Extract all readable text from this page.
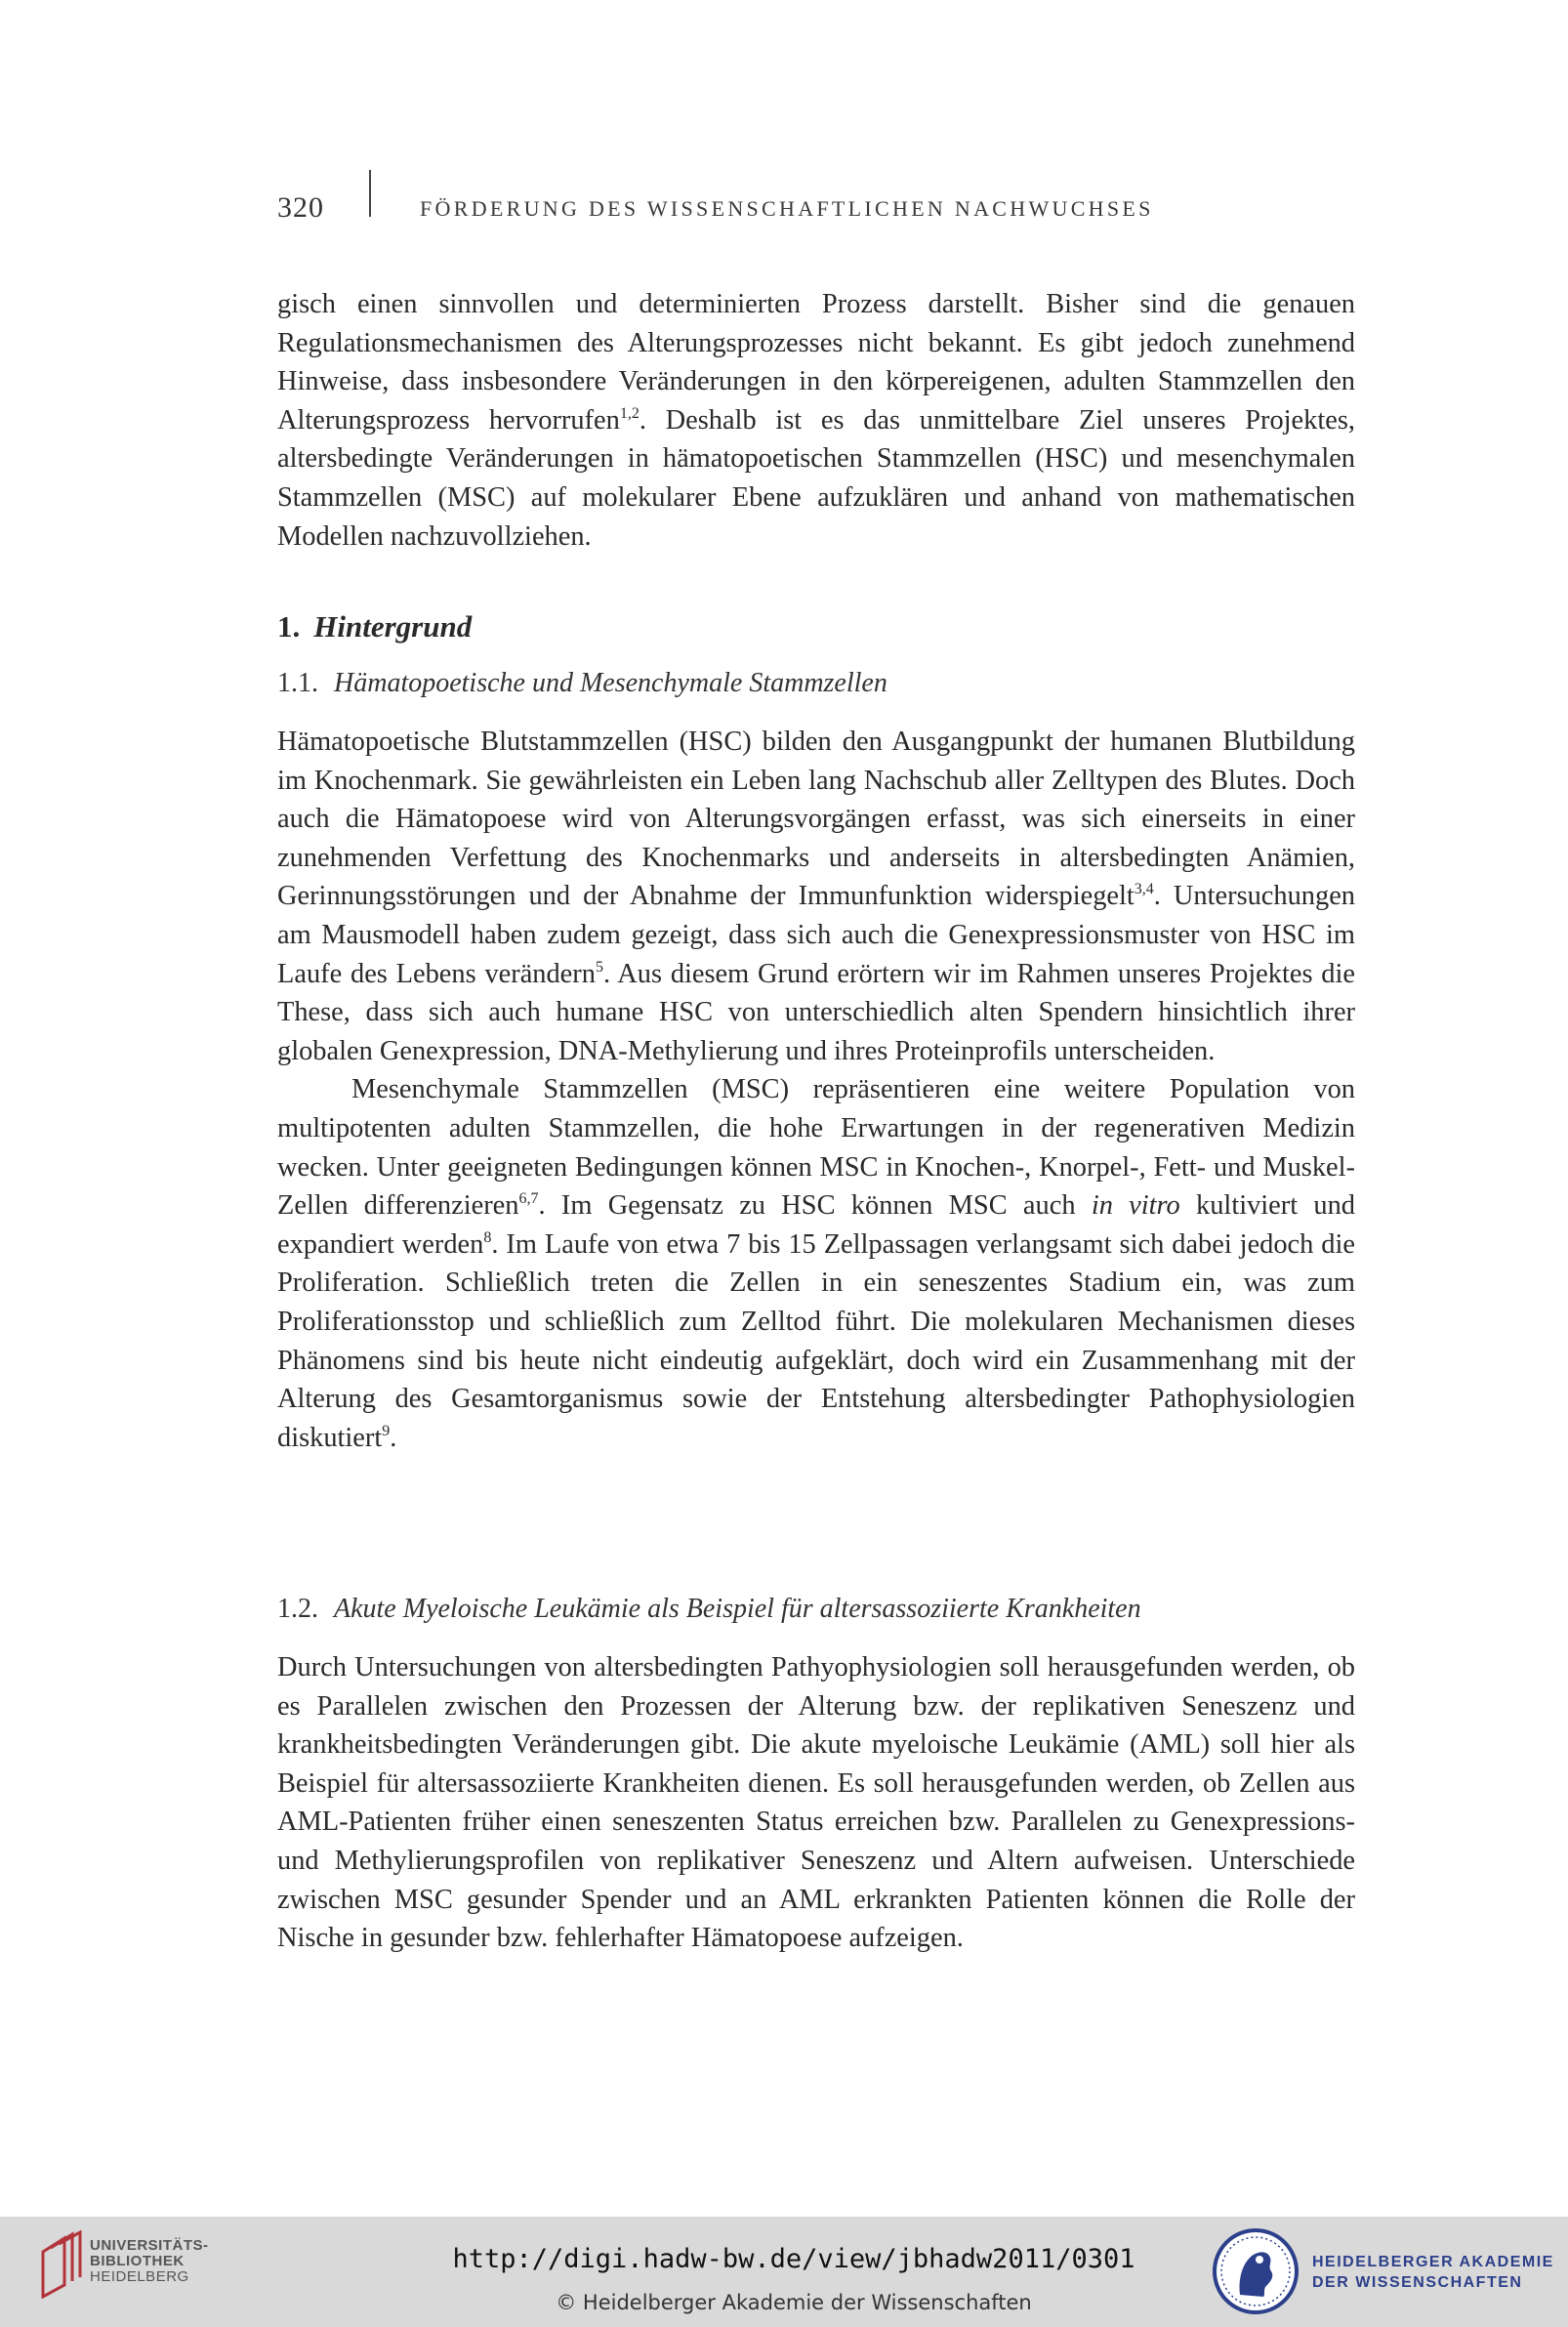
320	FÖRDERUNG DES WISSENSCHAFTLICHEN NACHWUCHSES

gisch einen sinnvollen und determinierten Prozess darstellt. Bisher sind die genauen Regulationsmechanismen des Alterungsprozesses nicht bekannt. Es gibt jedoch zunehmend Hinweise, dass insbesondere Veränderungen in den körpereigenen, adulten Stammzellen den Alterungsprozess hervorrufen$^{1,2}$. Deshalb ist es das unmittelbare Ziel unseres Projektes, altersbedingte Veränderungen in hämatopoetischen Stammzellen (HSC) und mesenchymalen Stammzellen (MSC) auf molekularer Ebene aufzuklären und anhand von mathematischen Modellen nachzuvollziehen.

1. Hintergrund
1.1. Hämatopoetische und Mesenchymale Stammzellen

Hämatopoetische Blutstammzellen (HSC) bilden den Ausgangpunkt der humanen Blutbildung im Knochenmark. Sie gewährleisten ein Leben lang Nachschub aller Zelltypen des Blutes. Doch auch die Hämatopoese wird von Alterungsvorgängen erfasst, was sich einerseits in einer zunehmenden Verfettung des Knochenmarks und anderseits in altersbedingten Anämien, Gerinnungsstörungen und der Abnahme der Immunfunktion widerspiegelt$^{3,4}$. Untersuchungen am Mausmodell haben zudem gezeigt, dass sich auch die Genexpressionsmuster von HSC im Laufe des Lebens verändern$^5$. Aus diesem Grund erörtern wir im Rahmen unseres Projektes die These, dass sich auch humane HSC von unterschiedlich alten Spendern hinsichtlich ihrer globalen Genexpression, DNA-Methylierung und ihres Proteinprofils unterscheiden.

Mesenchymale Stammzellen (MSC) repräsentieren eine weitere Population von multipotenten adulten Stammzellen, die hohe Erwartungen in der regenerativen Medizin wecken. Unter geeigneten Bedingungen können MSC in Knochen-, Knorpel-, Fett- und Muskel-Zellen differenzieren$^{6,7}$. Im Gegensatz zu HSC können MSC auch in vitro kultiviert und expandiert werden$^8$. Im Laufe von etwa 7 bis 15 Zellpassagen verlangsamt sich dabei jedoch die Proliferation. Schließlich treten die Zellen in ein seneszentes Stadium ein, was zum Proliferationsstop und schließlich zum Zelltod führt. Die molekularen Mechanismen dieses Phänomens sind bis heute nicht eindeutig aufgeklärt, doch wird ein Zusammenhang mit der Alterung des Gesamtorganismus sowie der Entstehung altersbedingter Pathophysiologien diskutiert$^9$.

1.2. Akute Myeloische Leukämie als Beispiel für altersassoziierte Krankheiten

Durch Untersuchungen von altersbedingten Pathyophysiologien soll herausgefunden werden, ob es Parallelen zwischen den Prozessen der Alterung bzw. der replikativen Seneszenz und krankheitsbedingten Veränderungen gibt. Die akute myeloische Leukämie (AML) soll hier als Beispiel für altersassoziierte Krankheiten dienen. Es soll herausgefunden werden, ob Zellen aus AML-Patienten früher einen seneszenten Status erreichen bzw. Parallelen zu Genexpressions- und Methylierungsprofilen von replikativer Seneszenz und Altern aufweisen. Unterschiede zwischen MSC gesunder Spender und an AML erkrankten Patienten können die Rolle der Nische in gesunder bzw. fehlerhafter Hämatopoese aufzeigen.

UNIVERSITÄTS-
BIBLIOTHEK
HEIDELBERG
http://digi.hadw-bw.de/view/jbhadw2011/0301
© Heidelberger Akademie der Wissenschaften
HEIDELBERGER AKADEMIE
DER WISSENSCHAFTEN
